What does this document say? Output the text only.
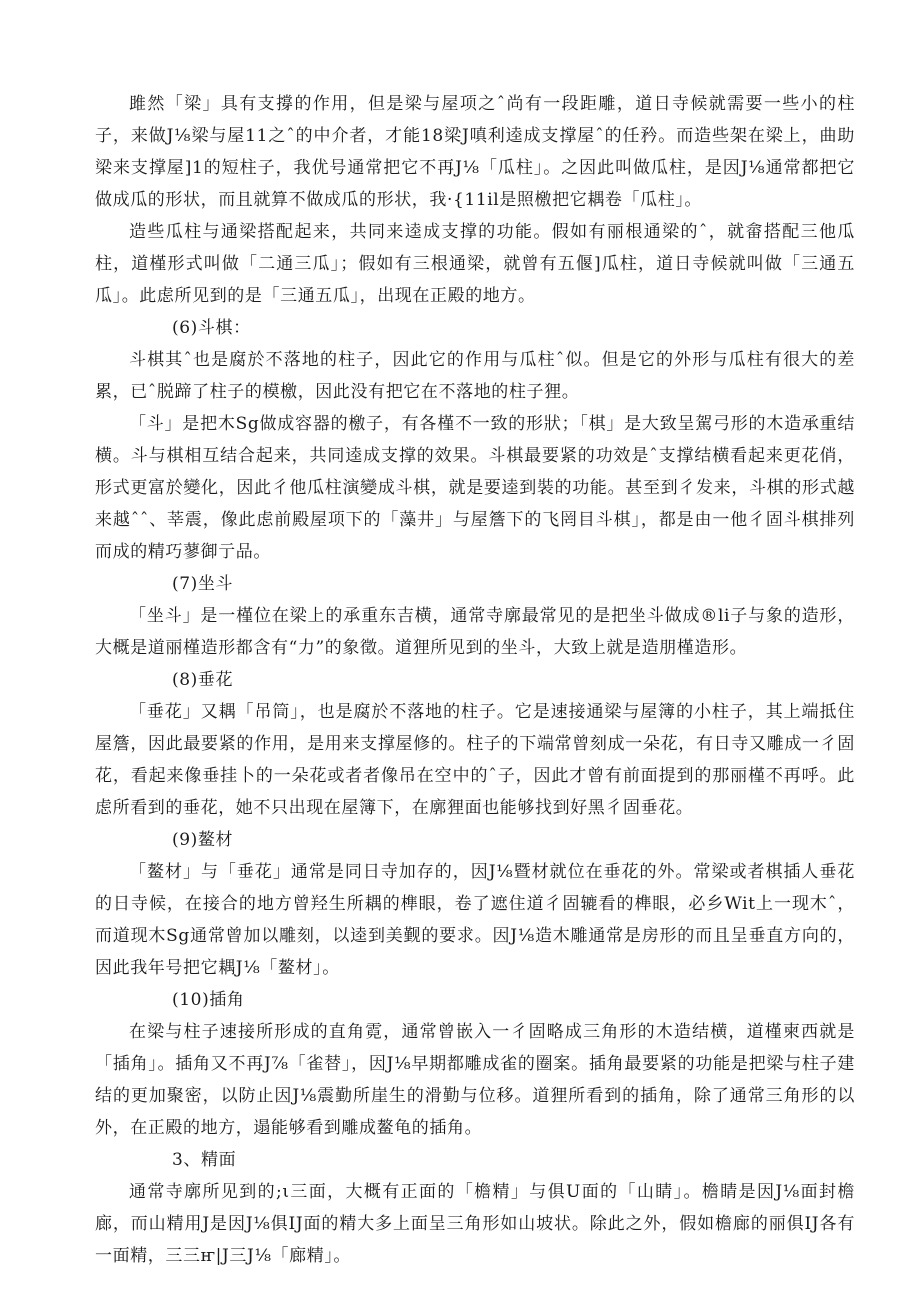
雎然「梁」具有支撐的作用，但是梁与屋项之ˆ尚有一段距雕，道日寺候就需要一些小的柱子，来做J⅛梁与屋11之ˆ的中介者，才能18梁J嗔利逵成支撑屋ˆ的任矜。而造些架在梁上，曲助梁来支撑屋]1的短柱子，我优号通常把它不再J⅛「瓜柱」。之因此叫做瓜柱，是因J⅛通常都把它做成瓜的形状，而且就算不做成瓜的形状，我·{11il是照檄把它耦卷「瓜柱」。

造些瓜柱与通梁搭配起来，共同来逵成支撑的功能。假如有丽根通梁的ˆ，就畲搭配三他瓜柱，道槿形式叫做「二通三瓜」；假如有三根通梁，就曾有五偃]瓜柱，道日寺候就叫做「三通五瓜」。此虑所见到的是「三通五瓜」，出现在正殿的地方。

(6)斗棋：

斗棋其ˆ也是腐於不落地的柱子，因此它的作用与瓜柱ˆ似。但是它的外形与瓜柱有很大的差累，已ˆ脱蹄了柱子的模檄，因此没有把它在不落地的柱子狸。

「斗」是把木Sg做成容器的檄子，有各槿不一致的形狀；「棋」是大致呈駕弓形的木造承重结横。斗与棋相互结合起来，共同逵成支撑的效果。斗棋最要紧的功效是ˆ支撑结横看起来更花俏，形式更富於變化，因此彳他瓜柱演變成斗棋，就是要逵到裝的功能。甚至到彳发来，斗棋的形式越来越ˆˆ、莘震，像此虑前殿屋项下的「藻井」与屋簷下的飞罔目斗棋」，都是由一他彳固斗棋排列而成的精巧蓼御亍品。

(7)坐斗

「坐斗」是一槿位在梁上的承重东吉横，通常寺廓最常见的是把坐斗做成®li子与象的造形，大概是道丽槿造形都含有“力”的象徵。道狸所见到的坐斗，大致上就是造朋槿造形。

(8)垂花

「垂花」又耦「吊筒」，也是腐於不落地的柱子。它是速接通梁与屋簿的小柱子，其上端抵住屋簷，因此最要紧的作用，是用来支撑屋修的。柱子的下端常曾刻成一朵花，有日寺又雕成一彳固花，看起来像垂挂卜的一朵花或者者像吊在空中的ˆ子，因此才曾有前面提到的那丽槿不再呼。此虑所看到的垂花，她不只出现在屋簿下，在廓狸面也能够找到好黑彳固垂花。

(9)鳌材

「鳌材」与「垂花」通常是同日寺加存的，因J⅛暨材就位在垂花的外。常梁或者棋插人垂花的日寺候，在接合的地方曾羟生所耦的榫眼，卷了遮住道彳固辘看的榫眼，必乡Wit上一现木ˆ，而道现木Sg通常曾加以雕刻，以逵到美觐的要求。因J⅛造木雕通常是房形的而且呈垂直方向的，因此我年号把它耦J⅛「鳌材」。

(10)插角

在梁与柱子速接所形成的直角霓，通常曾嵌入一彳固略成三角形的木造结横，道槿柬西就是「插角」。插角又不再J⅞「雀替」，因J⅛早期都雕成雀的圈案。插角最要紧的功能是把梁与柱子建结的更加聚密，以防止因J⅛震勤所崖生的滑勤与位移。道狸所看到的插角，除了通常三角形的以外，在正殿的地方，遢能够看到雕成鳌龟的插角。

3、精面

通常寺廓所见到的;ι三面，大概有正面的「檐精」与俱U面的「山睛」。檐睛是因J⅛面封檐廊，而山精用J是因J⅛俱IJ面的精大多上面呈三角形如山坡状。除此之外，假如檐廊的丽俱IJ各有一面精，三三ҥ|J三J⅛「廊精」。
